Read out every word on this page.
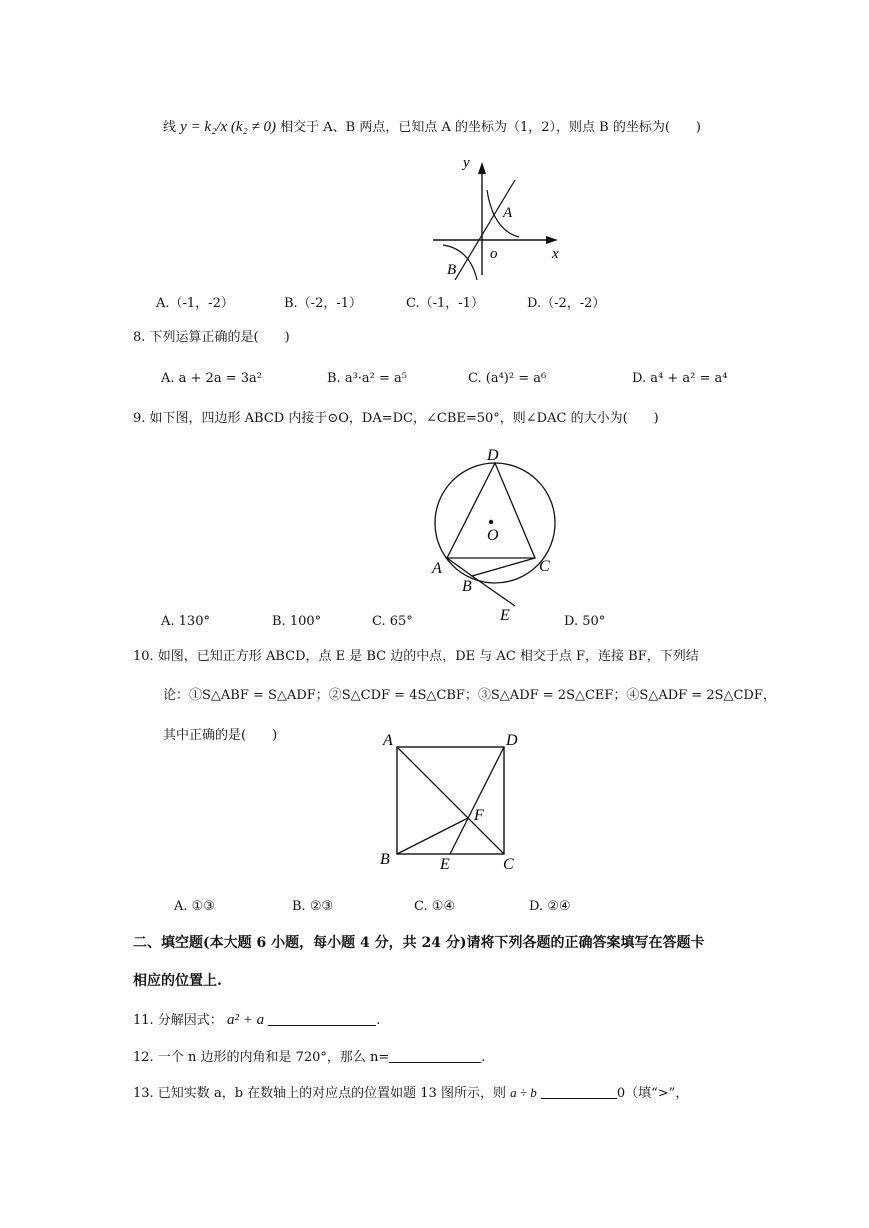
线 y = k₂/x (k₂ ≠ 0) 相交于 A、B 两点，已知点 A 的坐标为（1，2），则点 B 的坐标为(　　)
y
x
o
A
B
A.（-1，-2）	B.（-2，-1）	C.（-1，-1）	D.（-2，-2）
8. 下列运算正确的是(　　)
A. a + 2a = 3a²	B. a³·a² = a⁵	C. (a⁴)² = a⁶	D. a⁴ + a² = a⁴
9. 如下图，四边形 ABCD 内接于⊙O，DA=DC，∠CBE=50°，则∠DAC 的大小为(　　)
D
O
A
B
C
E
A. 130°	B. 100°	C. 65°	D. 50°
10. 如图，已知正方形 ABCD，点 E 是 BC 边的中点，DE 与 AC 相交于点 F，连接 BF，下列结
论：①S△ABF = S△ADF；②S△CDF = 4S△CBF；③S△ADF = 2S△CEF；④S△ADF = 2S△CDF，
其中正确的是(　　)	A	D
F
B	E	C
A. ①③	B. ②③	C. ①④	D. ②④
二、填空题(本大题 6 小题，每小题 4 分，共 24 分)请将下列各题的正确答案填写在答题卡
相应的位置上.
11. 分解因式： a² + a	.
12. 一个 n 边形的内角和是 720°，那么 n=	.
13. 已知实数 a，b 在数轴上的对应点的位置如题 13 图所示，则 a ÷ b	0（填“>”，
